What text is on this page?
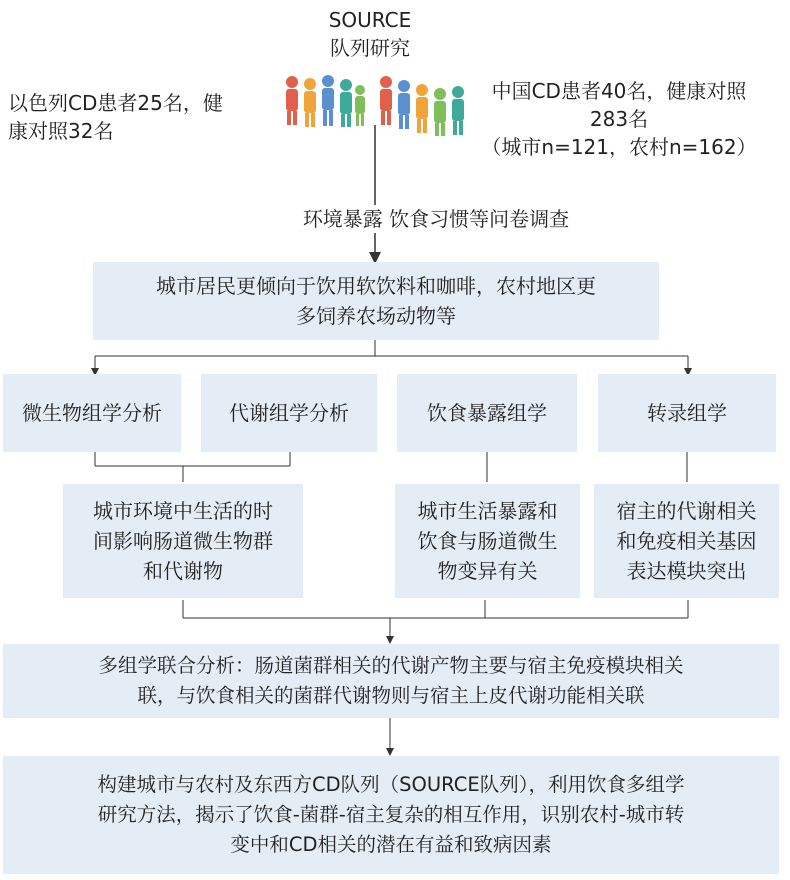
SOURCE
队列研究
以色列CD患者25名，健
康对照32名
中国CD患者40名，健康对照
283名
（城市n=121，农村n=162）
环境暴露 饮食习惯等问卷调查
城市居民更倾向于饮用软饮料和咖啡，农村地区更
多饲养农场动物等
微生物组学分析	代谢组学分析	饮食暴露组学	转录组学
城市环境中生活的时
间影响肠道微生物群
和代谢物
城市生活暴露和
饮食与肠道微生
物变异有关
宿主的代谢相关
和免疫相关基因
表达模块突出
多组学联合分析：肠道菌群相关的代谢产物主要与宿主免疫模块相关
联，与饮食相关的菌群代谢物则与宿主上皮代谢功能相关联
构建城市与农村及东西方CD队列（SOURCE队列），利用饮食多组学
研究方法，揭示了饮食-菌群-宿主复杂的相互作用，识别农村-城市转
变中和CD相关的潜在有益和致病因素
